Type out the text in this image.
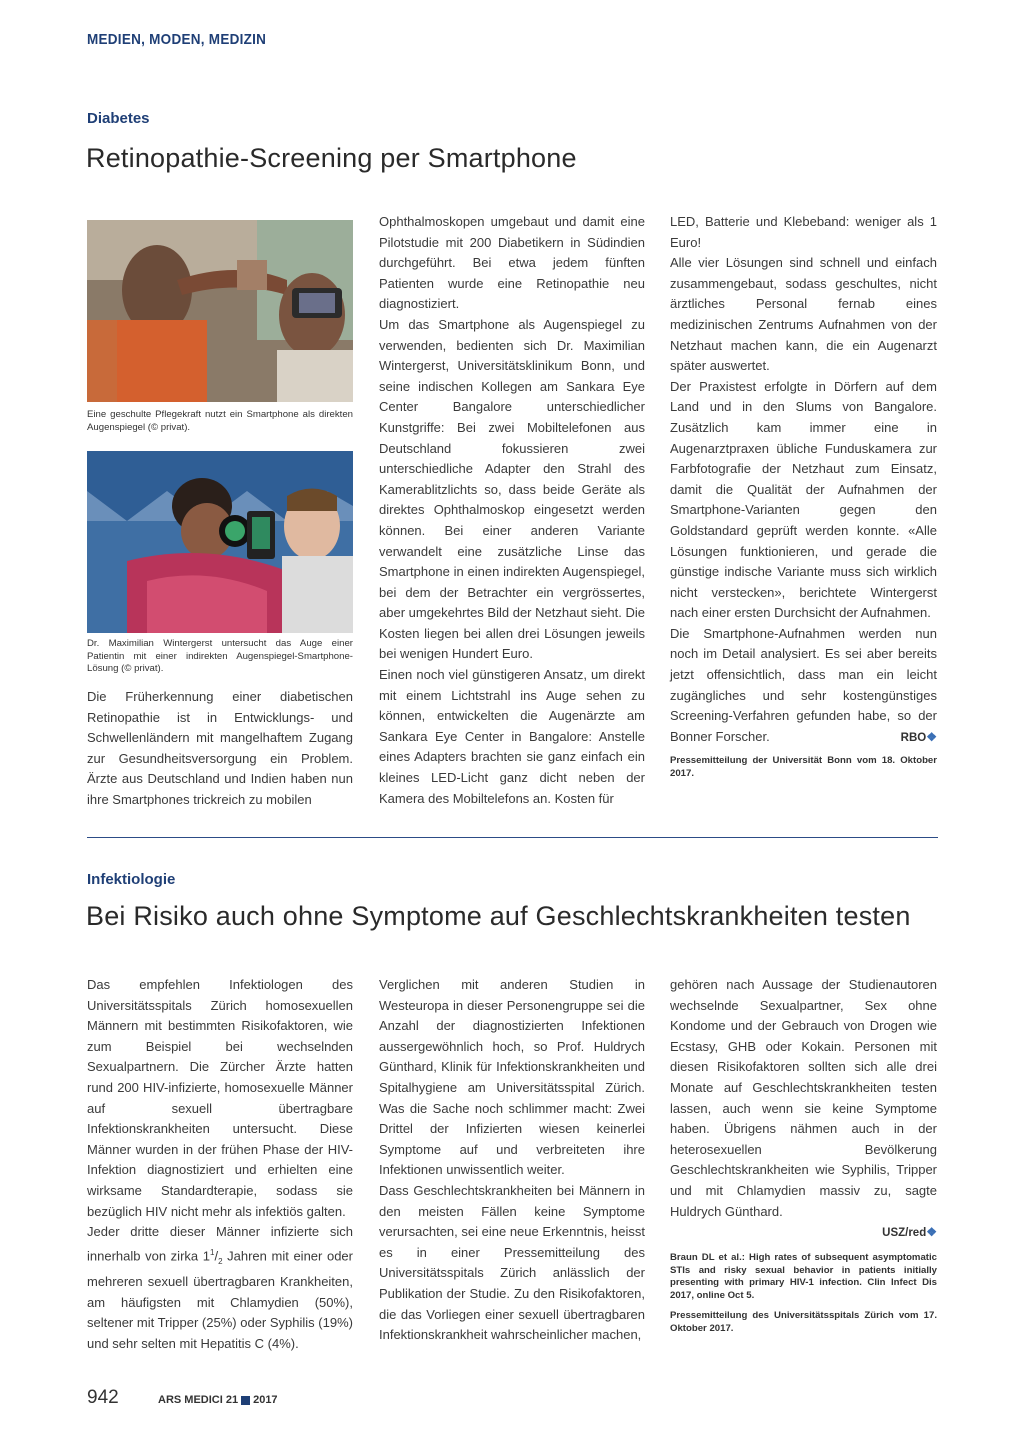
MEDIEN, MODEN, MEDIZIN
Diabetes
Retinopathie-Screening per Smartphone
Eine geschulte Pflegekraft nutzt ein Smartphone als direkten Augenspiegel (© privat).
Dr. Maximilian Wintergerst untersucht das Auge einer Patientin mit einer indirekten Augenspiegel-Smartphone-Lösung (© privat).

Die Früherkennung einer diabetischen Retinopathie ist in Entwicklungs- und Schwellenländern mit mangelhaftem Zugang zur Gesundheitsversorgung ein Problem. Ärzte aus Deutschland und Indien haben nun ihre Smartphones trickreich zu mobilen

Ophthalmoskopen umgebaut und damit eine Pilotstudie mit 200 Diabetikern in Südindien durchgeführt. Bei etwa jedem fünften Patienten wurde eine Retinopathie neu diagnostiziert.

Um das Smartphone als Augenspiegel zu verwenden, bedienten sich Dr. Maximilian Wintergerst, Universitätsklinikum Bonn, und seine indischen Kollegen am Sankara Eye Center Bangalore unterschiedlicher Kunstgriffe: Bei zwei Mobiltelefonen aus Deutschland fokussieren zwei unterschiedliche Adapter den Strahl des Kamerablitzlichts so, dass beide Geräte als direktes Ophthalmoskop eingesetzt werden können. Bei einer anderen Variante verwandelt eine zusätzliche Linse das Smartphone in einen indirekten Augenspiegel, bei dem der Betrachter ein vergrössertes, aber umgekehrtes Bild der Netzhaut sieht. Die Kosten liegen bei allen drei Lösungen jeweils bei wenigen Hundert Euro.

Einen noch viel günstigeren Ansatz, um direkt mit einem Lichtstrahl ins Auge sehen zu können, entwickelten die Augenärzte am Sankara Eye Center in Bangalore: Anstelle eines Adapters brachten sie ganz einfach ein kleines LED-Licht ganz dicht neben der Kamera des Mobiltelefons an. Kosten für

LED, Batterie und Klebeband: weniger als 1 Euro!

Alle vier Lösungen sind schnell und einfach zusammengebaut, sodass geschultes, nicht ärztliches Personal fernab eines medizinischen Zentrums Aufnahmen von der Netzhaut machen kann, die ein Augenarzt später auswertet.

Der Praxistest erfolgte in Dörfern auf dem Land und in den Slums von Bangalore. Zusätzlich kam immer eine in Augenarztpraxen übliche Funduskamera zur Farbfotografie der Netzhaut zum Einsatz, damit die Qualität der Aufnahmen der Smartphone-Varianten gegen den Goldstandard geprüft werden konnte. «Alle Lösungen funktionieren, und gerade die günstige indische Variante muss sich wirklich nicht verstecken», berichtete Wintergerst nach einer ersten Durchsicht der Aufnahmen.

Die Smartphone-Aufnahmen werden nun noch im Detail analysiert. Es sei aber bereits jetzt offensichtlich, dass man ein leicht zugängliches und sehr kostengünstiges Screening-Verfahren gefunden habe, so der Bonner Forscher.	RBO❖
Pressemitteilung der Universität Bonn vom 18. Oktober 2017.
Infektiologie
Bei Risiko auch ohne Symptome auf Geschlechtskrankheiten testen

Das empfehlen Infektiologen des Universitätsspitals Zürich homosexuellen Männern mit bestimmten Risikofaktoren, wie zum Beispiel bei wechselnden Sexualpartnern. Die Zürcher Ärzte hatten rund 200 HIV-infizierte, homosexuelle Männer auf sexuell übertragbare Infektionskrankheiten untersucht. Diese Männer wurden in der frühen Phase der HIV-Infektion diagnostiziert und erhielten eine wirksame Standardterapie, sodass sie bezüglich HIV nicht mehr als infektiös galten.

Jeder dritte dieser Männer infizierte sich innerhalb von zirka $1^1/_2$ Jahren mit einer oder mehreren sexuell übertragbaren Krankheiten, am häufigsten mit Chlamydien (50%), seltener mit Tripper (25%) oder Syphilis (19%) und sehr selten mit Hepatitis C (4%).

Verglichen mit anderen Studien in Westeuropa in dieser Personengruppe sei die Anzahl der diagnostizierten Infektionen aussergewöhnlich hoch, so Prof. Huldrych Günthard, Klinik für Infektionskrankheiten und Spitalhygiene am Universitätsspital Zürich. Was die Sache noch schlimmer macht: Zwei Drittel der Infizierten wiesen keinerlei Symptome auf und verbreiteten ihre Infektionen unwissentlich weiter.

Dass Geschlechtskrankheiten bei Männern in den meisten Fällen keine Symptome verursachten, sei eine neue Erkenntnis, heisst es in einer Pressemitteilung des Universitätsspitals Zürich anlässlich der Publikation der Studie. Zu den Risikofaktoren, die das Vorliegen einer sexuell übertragbaren Infektionskrankheit wahrscheinlicher machen,

gehören nach Aussage der Studienautoren wechselnde Sexualpartner, Sex ohne Kondome und der Gebrauch von Drogen wie Ecstasy, GHB oder Kokain. Personen mit diesen Risikofaktoren sollten sich alle drei Monate auf Geschlechtskrankheiten testen lassen, auch wenn sie keine Symptome haben. Übrigens nähmen auch in der heterosexuellen Bevölkerung Geschlechtskrankheiten wie Syphilis, Tripper und mit Chlamydien massiv zu, sagte Huldrych Günthard.

USZ/red❖
Braun DL et al.: High rates of subsequent asymptomatic STIs and risky sexual behavior in patients initially presenting with primary HIV-1 infection. Clin Infect Dis 2017, online Oct 5.
Pressemitteilung des Universitätsspitals Zürich vom 17. Oktober 2017.
942	ARS MEDICI 21 2017
